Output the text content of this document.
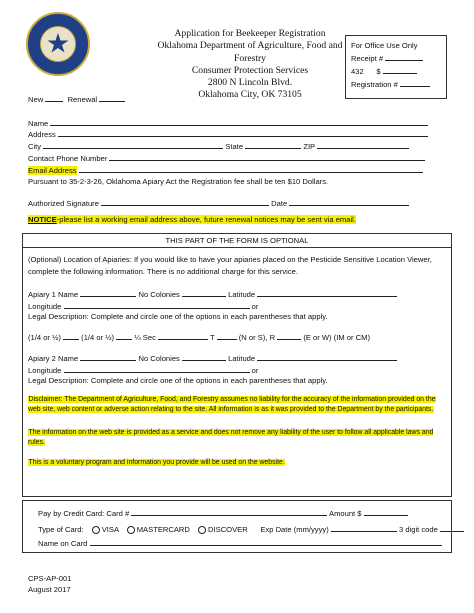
Application for Beekeeper Registration
Oklahoma Department of Agriculture, Food and
Forestry
Consumer Protection Services
2800 N Lincoln Blvd.
Oklahoma City, OK 73105
For Office Use Only
Receipt #
432 $
Registration #
New	Renewal
Name
Address
City	State	ZIP
Contact Phone Number
Email Address
Pursuant to 35-2-3-26, Oklahoma Apiary Act the Registration fee shall be ten $10 Dollars.
Authorized Signature	Date
NOTICE-please list a working email address above, future renewal notices may be sent via email.
THIS PART OF THE FORM IS OPTIONAL
(Optional) Location of Apiaries: If you would like to have your apiaries placed on the Pesticide Sensitive Location Viewer,
complete the following information. There is no additional charge for this service.
Apiary 1 Name	No Colonies	Latitude
Longitude	or
Legal Description: Complete and circle one of the options in each parentheses that apply.
(1/4 or ½)	(1/4 or ½)	¼ Sec	T	(N or S), R	(E or W) (IM or CM)
Apiary 2 Name	No Colonies	Latitude
Longitude	or
Legal Description: Complete and circle one of the options in each parentheses that apply.
Disclaimer: The Department of Agriculture, Food, and Forestry assumes no liability for the accuracy of the information provided on the web site, web content or adverse action relating to the site. All information is as it was provided to the Department by the participants.
The information on the web site is provided as a service and does not remove any liability of the user to follow all applicable laws and rules.
This is a voluntary program and information you provide will be used on the website.
Pay by Credit Card: Card #	Amount $
Type of Card: VISA MASTERCARD DISCOVER Exp Date (mm/yyyy)	3 digit code
Name on Card
CPS-AP-001
August 2017
